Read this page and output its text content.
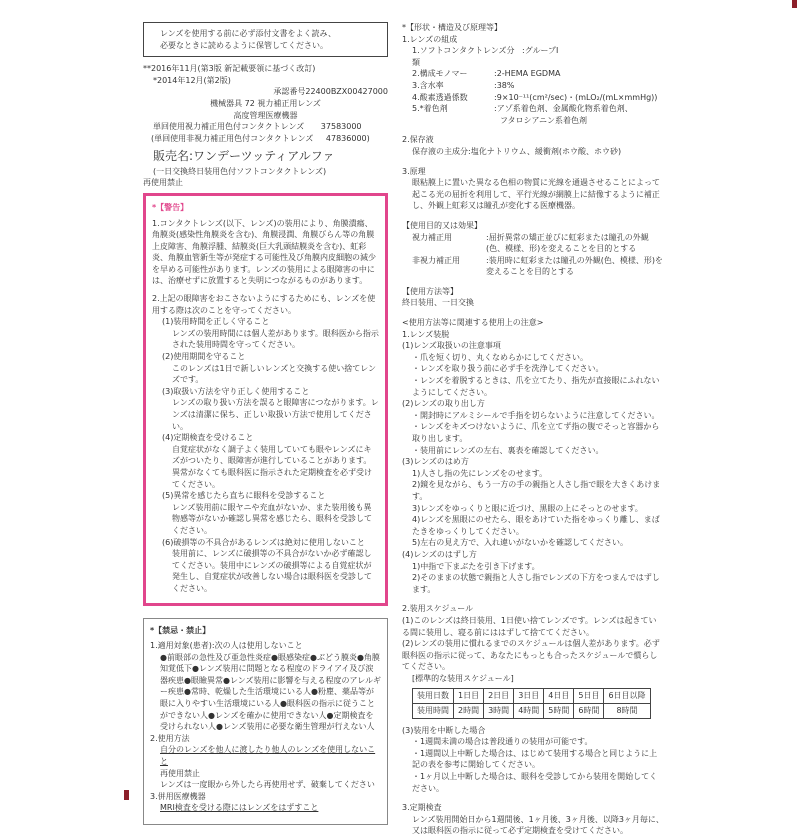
レンズを使用する前に必ず添付文書をよく読み、
必要なときに読めるように保管してください。
**2016年11月(第3版 新記載要領に基づく改訂)
*2014年12月(第2版)
承認番号22400BZX00427000
機械器具 72 視力補正用レンズ
高度管理医療機器
単回使用視力補正用色付コンタクトレンズ 37583000
(単回使用非視力補正用色付コンタクトレンズ 47836000)
販売名:ワンデーツッティアルファ
(一日交換終日装用色付ソフトコンタクトレンズ)
再使用禁止
*【警告】
1.コンタクトレンズ(以下、レンズ)の装用により、角膜潰瘍、角膜炎(感染性角膜炎を含む)、角膜浸潤、角膜びらん等の角膜上皮障害、角膜浮腫、結膜炎(巨大乳頭結膜炎を含む)、虹彩炎、角膜血管新生等が発症する可能性及び角膜内皮細胞の減少を早める可能性があります。レンズの装用による眼障害の中には、治療せずに放置すると失明につながるものがあります。
2.上記の眼障害をおこさないようにするためにも、レンズを使用する際は次のことを守ってください。
(1)装用時間を正しく守ること
レンズの装用時間には個人差があります。眼科医から指示された装用時間を守ってください。
(2)使用期間を守ること
このレンズは1日で新しいレンズと交換する使い捨てレンズです。
(3)取扱い方法を守り正しく使用すること
レンズの取り扱い方法を誤ると眼障害につながります。レンズは清潔に保ち、正しい取扱い方法で使用してください。
(4)定期検査を受けること
自覚症状がなく調子よく装用していても眼やレンズにキズがついたり、眼障害が進行していることがあります。異常がなくても眼科医に指示された定期検査を必ず受けてください。
(5)異常を感じたら直ちに眼科を受診すること
レンズ装用前に眼ヤニや充血がないか、また装用後も異物感等がないか確認し異常を感じたら、眼科を受診してください。
(6)破損等の不具合があるレンズは絶対に使用しないこと
装用前に、レンズに破損等の不具合がないか必ず確認してください。装用中にレンズの破損等による自覚症状が発生し、自覚症状が改善しない場合は眼科医を受診してください。
*【禁忌・禁止】
1.適用対象(患者):次の人は使用しないこと
●前眼部の急性及び亜急性炎症●眼感染症●ぶどう膜炎●角膜知覚低下●レンズ装用に問題となる程度のドライアイ及び涙器疾患●眼瞼異常●レンズ装用に影響を与える程度のアレルギー疾患●常時、乾燥した生活環境にいる人●粉塵、薬品等が眼に入りやすい生活環境にいる人●眼科医の指示に従うことができない人●レンズを確かに使用できない人●定期検査を受けられない人●レンズ装用に必要な衛生管理が行えない人
2.使用方法
自分のレンズを他人に渡したり他人のレンズを使用しないこと
再使用禁止
レンズは一度眼から外したら再使用せず、破棄してください
3.併用医療機器
MRI検査を受ける際にはレンズをはずすこと
*【形状・構造及び原理等】
1.レンズの組成
1.ソフトコンタクトレンズ分類
:グループI
2.構成モノマー	:2-HEMA EGDMA
3.含水率	:38%
4.酸素透過係数	:9×10⁻¹¹(cm²/sec)・(mLO₂/(mL×mmHg))
5.*着色剤	:アゾ系着色剤、金属酸化物系着色剤、
フタロシアニン系着色剤
2.保存液
保存液の主成分:塩化ナトリウム、緩衝剤(ホウ酸、ホウ砂)
3.原理
眼粘膜上に置いた異なる色相の物質に光線を通過させることによって起こる光の屈折を利用して、平行光線が網膜上に結像するように補正し、外観上虹彩又は瞳孔が変化する医療機器。
【使用目的又は効果】
視力補正用	:屈折異常の矯正並びに虹彩または瞳孔の外観(色、模様、形)を変えることを目的とする
非視力補正用	:装用時に虹彩または瞳孔の外観(色、模様、形)を変えることを目的とする
【使用方法等】
終日装用、一日交換
<使用方法等に関連する使用上の注意>
1.レンズ装脱
(1)レンズ取扱いの注意事項
・爪を短く切り、丸くなめらかにしてください。
・レンズを取り扱う前に必ず手を洗浄してください。
・レンズを着脱するときは、爪を立てたり、指先が直接眼にふれないようにしてください。
(2)レンズの取り出し方
・開封時にアルミシールで手指を切らないように注意してください。
・レンズをキズつけないように、爪を立てず指の腹でそっと容器から取り出します。
・装用前にレンズの左右、裏表を確認してください。
(3)レンズのはめ方
1)人さし指の先にレンズをのせます。
2)鏡を見ながら、もう一方の手の親指と人さし指で眼を大きくあけます。
3)レンズをゆっくりと眼に近づけ、黒眼の上にそっとのせます。
4)レンズを黒眼にのせたら、眼をあけていた指をゆっくり離し、まばたきをゆっくりしてください。
5)左右の見え方で、入れ違いがないかを確認してください。
(4)レンズのはずし方
1)中指で下まぶたを引き下げます。
2)そのままの状態で親指と人さし指でレンズの下方をつまんではずします。
2.装用スケジュール
(1)このレンズは終日装用、1日使い捨てレンズです。レンズは起きている間に装用し、寝る前にははずして捨ててください。
(2)レンズの装用に慣れるまでのスケジュールは個人差があります。必ず眼科医の指示に従って、あなたにもっとも合ったスケジュールで慣らしてください。
[標準的な装用スケジュール]
装用日数	1日目	2日目	3日目	4日目	5日目	6日目以降
装用時間	2時間	3時間	4時間	5時間	6時間	8時間
(3)装用を中断した場合
・1週間未満の場合は普段通りの装用が可能です。
・1週間以上中断した場合は、はじめて装用する場合と同じように上記の表を参考に開始してください。
・1ヶ月以上中断した場合は、眼科を受診してから装用を開始してください。
3.定期検査
レンズ装用開始日から1週間後、1ヶ月後、3ヶ月後、以降3ヶ月毎に、又は眼科医の指示に従って必ず定期検査を受けてください。
